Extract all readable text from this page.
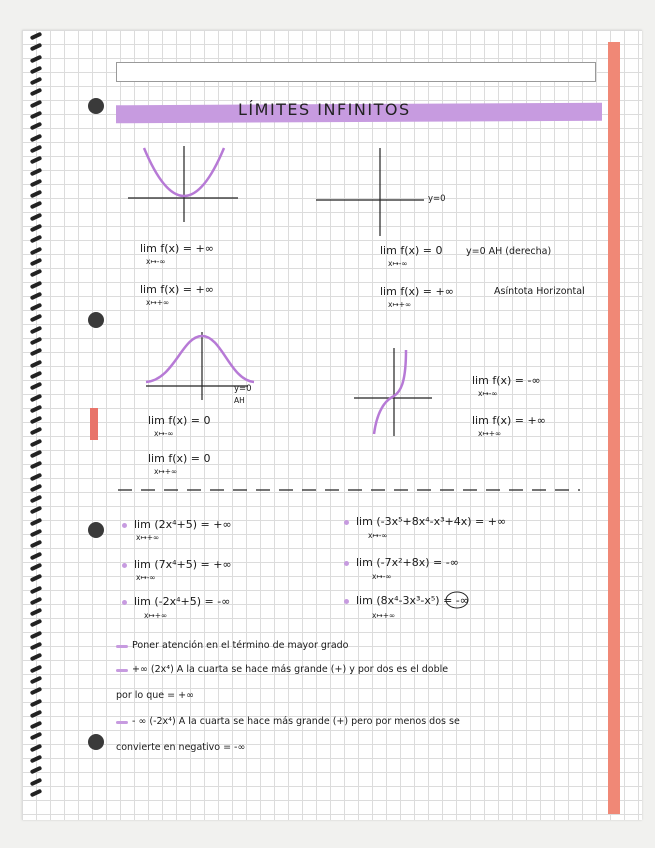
LÍMITES INFINITOS
lim f(x) = +∞
x↦-∞
lim f(x) = +∞
x↦+∞
y=0
lim f(x) = 0
x↦-∞
y=0 AH (derecha)
lim f(x) = +∞
x↦+∞
Asíntota Horizontal
y=0
AH
lim f(x) = 0
x↦-∞
lim f(x) = 0
x↦+∞
lim f(x) = -∞
x↦-∞
lim f(x) = +∞
x↦+∞
lim (2x⁴+5) = +∞
x↦+∞
lim (7x⁴+5) = +∞
x↦-∞
lim (-2x⁴+5) = -∞
x↦+∞
lim (-3x⁵+8x⁴-x³+4x) = +∞
x↦-∞
lim (-7x²+8x) = -∞
x↦-∞
lim (8x⁴-3x³-x⁵) = -∞
x↦+∞
Poner atención en el término de mayor grado
+∞ (2x⁴) A la cuarta se hace más grande (+) y por dos es el doble
por lo que = +∞
- ∞ (-2x⁴) A la cuarta se hace más grande (+) pero por menos dos se
convierte en negativo = -∞
